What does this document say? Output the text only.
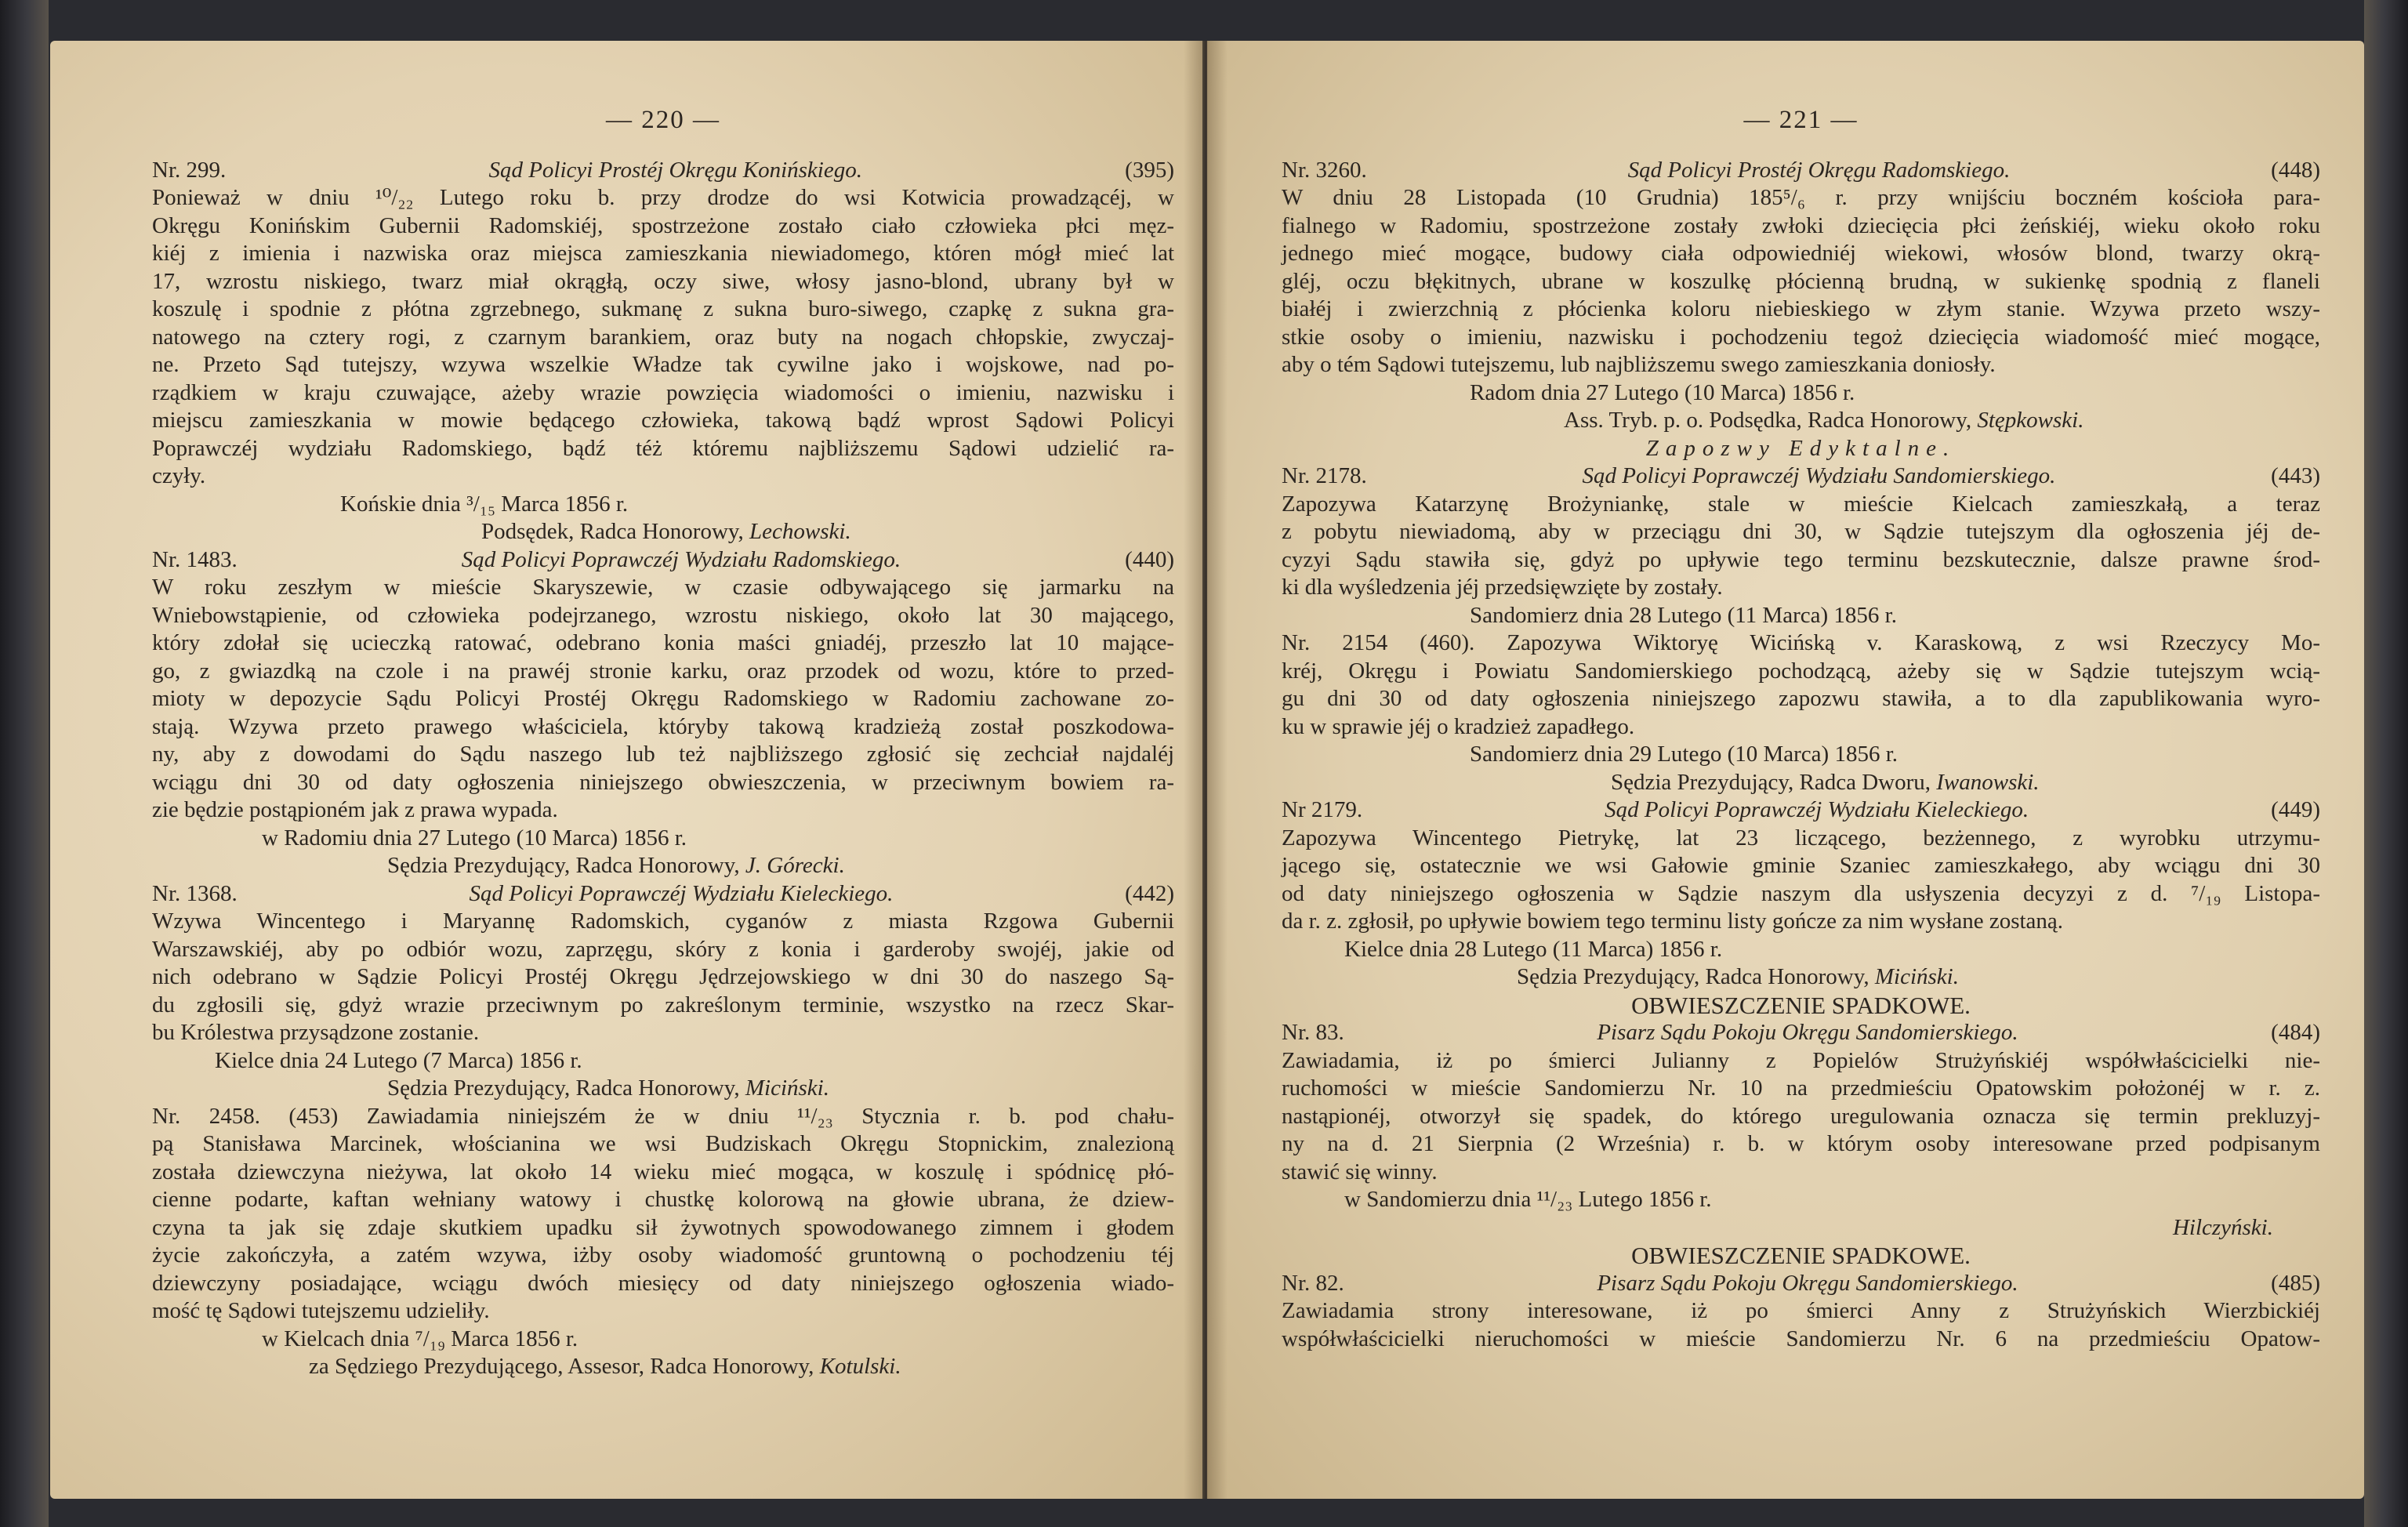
— 220 —
Nr. 299.	Sąd Policyi Prostéj Okręgu Konińskiego.	(395)
Ponieważ w dniu ¹⁰/₂₂ Lutego roku b. przy drodze do wsi Kotwicia prowadzącéj, w
Okręgu Konińskim Gubernii Radomskiéj, spostrzeżone zostało ciało człowieka płci męz-
kiéj z imienia i nazwiska oraz miejsca zamieszkania niewiadomego, któren mógł mieć lat
17, wzrostu niskiego, twarz miał okrągłą, oczy siwe, włosy jasno-blond, ubrany był w
koszulę i spodnie z płótna zgrzebnego, sukmanę z sukna buro-siwego, czapkę z sukna gra-
natowego na cztery rogi, z czarnym barankiem, oraz buty na nogach chłopskie, zwyczaj-
ne. Przeto Sąd tutejszy, wzywa wszelkie Władze tak cywilne jako i wojskowe, nad po-
rządkiem w kraju czuwające, ażeby wrazie powzięcia wiadomości o imieniu, nazwisku i
miejscu zamieszkania w mowie będącego człowieka, takową bądź wprost Sądowi Policyi
Poprawczéj wydziału Radomskiego, bądź téż któremu najbliższemu Sądowi udzielić ra-
czyły.
Końskie dnia ³/₁₅ Marca 1856 r.
Podsędek, Radca Honorowy, Lechowski.
Nr. 1483.	Sąd Policyi Poprawczéj Wydziału Radomskiego.	(440)
W roku zeszłym w mieście Skaryszewie, w czasie odbywającego się jarmarku na
Wniebowstąpienie, od człowieka podejrzanego, wzrostu niskiego, około lat 30 mającego,
który zdołał się ucieczką ratować, odebrano konia maści gniadéj, przeszło lat 10 mające-
go, z gwiazdką na czole i na prawéj stronie karku, oraz przodek od wozu, które to przed-
mioty w depozycie Sądu Policyi Prostéj Okręgu Radomskiego w Radomiu zachowane zo-
stają. Wzywa przeto prawego właściciela, któryby takową kradzieżą został poszkodowa-
ny, aby z dowodami do Sądu naszego lub też najbliższego zgłosić się zechciał najdaléj
wciągu dni 30 od daty ogłoszenia niniejszego obwieszczenia, w przeciwnym bowiem ra-
zie będzie postąpioném jak z prawa wypada.
w Radomiu dnia 27 Lutego (10 Marca) 1856 r.
Sędzia Prezydujący, Radca Honorowy, J. Górecki.
Nr. 1368.	Sąd Policyi Poprawczéj Wydziału Kieleckiego.	(442)
Wzywa Wincentego i Maryannę Radomskich, cyganów z miasta Rzgowa Gubernii
Warszawskiéj, aby po odbiór wozu, zaprzęgu, skóry z konia i garderoby swojéj, jakie od
nich odebrano w Sądzie Policyi Prostéj Okręgu Jędrzejowskiego w dni 30 do naszego Są-
du zgłosili się, gdyż wrazie przeciwnym po zakreślonym terminie, wszystko na rzecz Skar-
bu Królestwa przysądzone zostanie.
Kielce dnia 24 Lutego (7 Marca) 1856 r.
Sędzia Prezydujący, Radca Honorowy, Miciński.
Nr. 2458. (453) Zawiadamia niniejszém że w dniu ¹¹/₂₃ Stycznia r. b. pod chału-
pą Stanisława Marcinek, włościanina we wsi Budziskach Okręgu Stopnickim, znalezioną
została dziewczyna nieżywa, lat około 14 wieku mieć mogąca, w koszulę i spódnicę płó-
cienne podarte, kaftan wełniany watowy i chustkę kolorową na głowie ubrana, że dziew-
czyna ta jak się zdaje skutkiem upadku sił żywotnych spowodowanego zimnem i głodem
życie zakończyła, a zatém wzywa, iżby osoby wiadomość gruntowną o pochodzeniu téj
dziewczyny posiadające, wciągu dwóch miesięcy od daty niniejszego ogłoszenia wiado-
mość tę Sądowi tutejszemu udzieliły.
w Kielcach dnia ⁷/₁₉ Marca 1856 r.
za Sędziego Prezydującego, Assesor, Radca Honorowy, Kotulski.
— 221 —
Nr. 3260.	Sąd Policyi Prostéj Okręgu Radomskiego.	(448)
W dniu 28 Listopada (10 Grudnia) 185⁵/₆ r. przy wnijściu boczném kościoła para-
fialnego w Radomiu, spostrzeżone zostały zwłoki dziecięcia płci żeńskiéj, wieku około roku
jednego mieć mogące, budowy ciała odpowiedniéj wiekowi, włosów blond, twarzy okrą-
gléj, oczu błękitnych, ubrane w koszulkę płócienną brudną, w sukienkę spodnią z flaneli
białéj i zwierzchnią z płócienka koloru niebieskiego w złym stanie. Wzywa przeto wszy-
stkie osoby o imieniu, nazwisku i pochodzeniu tegoż dziecięcia wiadomość mieć mogące,
aby o tém Sądowi tutejszemu, lub najbliższemu swego zamieszkania doniosły.
Radom dnia 27 Lutego (10 Marca) 1856 r.
Ass. Tryb. p. o. Podsędka, Radca Honorowy, Stępkowski.
Zapozwy Edyktalne.
Nr. 2178.	Sąd Policyi Poprawczéj Wydziału Sandomierskiego.	(443)
Zapozywa Katarzynę Brożyniankę, stale w mieście Kielcach zamieszkałą, a teraz
z pobytu niewiadomą, aby w przeciągu dni 30, w Sądzie tutejszym dla ogłoszenia jéj de-
cyzyi Sądu stawiła się, gdyż po upływie tego terminu bezskutecznie, dalsze prawne środ-
ki dla wyśledzenia jéj przedsięwzięte by zostały.
Sandomierz dnia 28 Lutego (11 Marca) 1856 r.
Nr. 2154 (460). Zapozywa Wiktoryę Wicińską v. Karaskową, z wsi Rzeczycy Mo-
kréj, Okręgu i Powiatu Sandomierskiego pochodzącą, ażeby się w Sądzie tutejszym wcią-
gu dni 30 od daty ogłoszenia niniejszego zapozwu stawiła, a to dla zapublikowania wyro-
ku w sprawie jéj o kradzież zapadłego.
Sandomierz dnia 29 Lutego (10 Marca) 1856 r.
Sędzia Prezydujący, Radca Dworu, Iwanowski.
Nr 2179.	Sąd Policyi Poprawczéj Wydziału Kieleckiego.	(449)
Zapozywa Wincentego Pietrykę, lat 23 liczącego, bezżennego, z wyrobku utrzymu-
jącego się, ostatecznie we wsi Gałowie gminie Szaniec zamieszkałego, aby wciągu dni 30
od daty niniejszego ogłoszenia w Sądzie naszym dla usłyszenia decyzyi z d. ⁷/₁₉ Listopa-
da r. z. zgłosił, po upływie bowiem tego terminu listy gończe za nim wysłane zostaną.
Kielce dnia 28 Lutego (11 Marca) 1856 r.
Sędzia Prezydujący, Radca Honorowy, Miciński.
OBWIESZCZENIE SPADKOWE.
Nr. 83.	Pisarz Sądu Pokoju Okręgu Sandomierskiego.	(484)
Zawiadamia, iż po śmierci Julianny z Popielów Strużyńskiéj współwłaścicielki nie-
ruchomości w mieście Sandomierzu Nr. 10 na przedmieściu Opatowskim położonéj w r. z.
nastąpionéj, otworzył się spadek, do którego uregulowania oznacza się termin prekluzyj-
ny na d. 21 Sierpnia (2 Września) r. b. w którym osoby interesowane przed podpisanym
stawić się winny.
w Sandomierzu dnia ¹¹/₂₃ Lutego 1856 r.
Hilczyński.
OBWIESZCZENIE SPADKOWE.
Nr. 82.	Pisarz Sądu Pokoju Okręgu Sandomierskiego.	(485)
Zawiadamia strony interesowane, iż po śmierci Anny z Strużyńskich Wierzbickiéj
współwłaścicielki nieruchomości w mieście Sandomierzu Nr. 6 na przedmieściu Opatow-
